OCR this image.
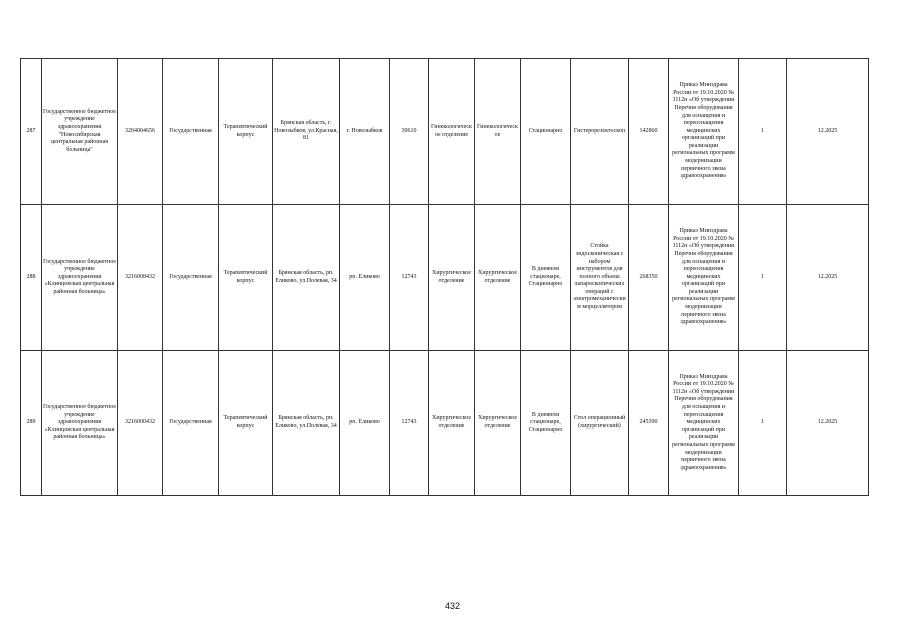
287	Государственное бюджетное учреждение здравоохранения "Новосибирская центральная районная больница"	3204004656	Государственная	Терапевтический корпус	Брянская область, г. Новозыбков, ул.Красная, 81	г. Новозыбков	30610	Гинекологическое отделение	Гинекологическое	Стационарно	Гистерорезектоскоп	142860	Приказ Минздрава России от 19.10.2020 № 1112н «Об утверждении Перечня оборудования для оснащения и переоснащения медицинских организаций при реализации региональных программ модернизации первичного звена здравоохранения»	1	12.2025
288	Государственное бюджетное учреждение здравоохранения «Клинцовская центральная районная больница»	3216000432	Государственная	Терапевтический корпус	Брянская область, рп. Еликово, ул.Полевая, 34	рп. Еликово	12743	Хирургическое отделение	Хирургическое отделение	В дневном стационаре, Стационарно	Стойка эндоскопическая с набором инструментов для полного объема лапароскопических операций с электромеханическим морцеллятором	268350	Приказ Минздрава России от 19.10.2020 № 1112н «Об утверждении Перечня оборудования для оснащения и переоснащения медицинских организаций при реализации региональных программ модернизации первичного звена здравоохранения»	1	12.2025
289	Государственное бюджетное учреждение здравоохранения «Клинцовская центральная районная больница»	3216000432	Государственная	Терапевтический корпус	Брянская область, рп. Еликово, ул.Полевая, 34	рп. Еликово	12743	Хирургическое отделение	Хирургическое отделение	В дневном стационаре, Стационарно	Стол операционный (хирургический)	245390	Приказ Минздрава России от 19.10.2020 № 1112н «Об утверждении Перечня оборудования для оснащения и переоснащения медицинских организаций при реализации региональных программ модернизации первичного звена здравоохранения»	1	12.2025
432
